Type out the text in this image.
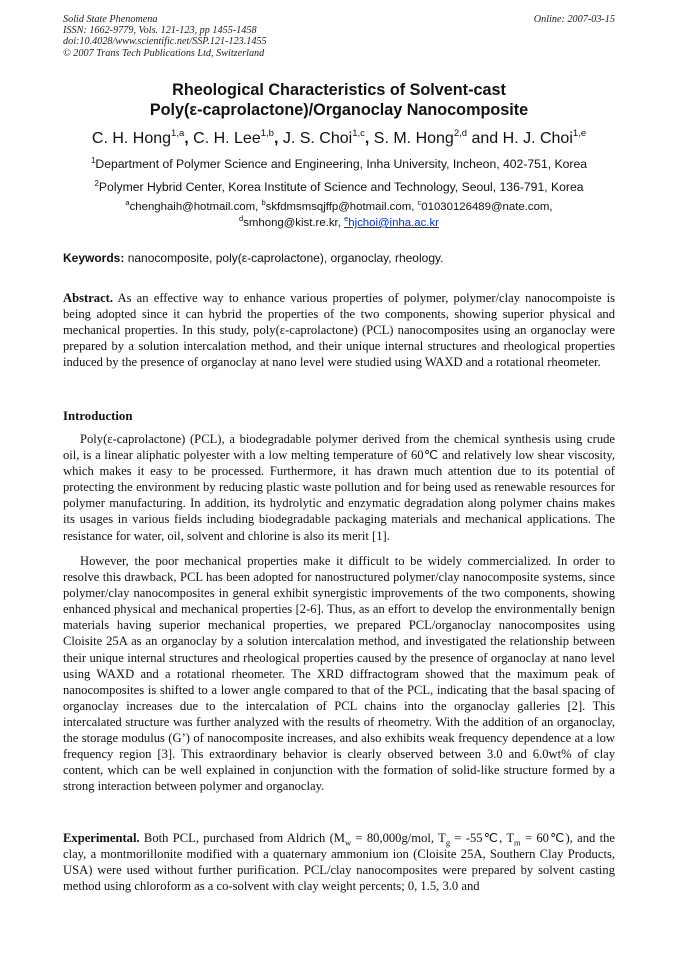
Solid State Phenomena
ISSN: 1662-9779, Vols. 121-123, pp 1455-1458
doi:10.4028/www.scientific.net/SSP.121-123.1455
© 2007 Trans Tech Publications Ltd, Switzerland
Online: 2007-03-15
Rheological Characteristics of Solvent-cast
Poly(ε-caprolactone)/Organoclay Nanocomposite
C. H. Hong$^{1,a}$, C. H. Lee$^{1,b}$, J. S. Choi$^{1,c}$, S. M. Hong$^{2,d}$ and H. J. Choi$^{1,e}$
$^1$Department of Polymer Science and Engineering, Inha University, Incheon, 402-751, Korea
$^2$Polymer Hybrid Center, Korea Institute of Science and Technology, Seoul, 136-791, Korea
$^a$chenghaih@hotmail.com, $^b$skfdmsmsqjffp@hotmail.com, $^c$01030126489@nate.com,
$^d$smhong@kist.re.kr, $^e$hjchoi@inha.ac.kr
Keywords: nanocomposite, poly(ε-caprolactone), organoclay, rheology.
Abstract. As an effective way to enhance various properties of polymer, polymer/clay nanocompoiste is being adopted since it can hybrid the properties of the two components, showing superior physical and mechanical properties. In this study, poly(ε-caprolactone) (PCL) nanocomposites using an organoclay were prepared by a solution intercalation method, and their unique internal structures and rheological properties induced by the presence of organoclay at nano level were studied using WAXD and a rotational rheometer.
Introduction
Poly(ε-caprolactone) (PCL), a biodegradable polymer derived from the chemical synthesis using crude oil, is a linear aliphatic polyester with a low melting temperature of 60℃ and relatively low shear viscosity, which makes it easy to be processed. Furthermore, it has drawn much attention due to its potential of protecting the environment by reducing plastic waste pollution and for being used as renewable resources for polymer manufacturing. In addition, its hydrolytic and enzymatic degradation along polymer chains makes its usages in various fields including biodegradable packaging materials and mechanical applications. The resistance for water, oil, solvent and chlorine is also its merit [1].
However, the poor mechanical properties make it difficult to be widely commercialized. In order to resolve this drawback, PCL has been adopted for nanostructured polymer/clay nanocomposite systems, since polymer/clay nanocomposites in general exhibit synergistic improvements of the two components, showing enhanced physical and mechanical properties [2-6]. Thus, as an effort to develop the environmentally benign materials having superior mechanical properties, we prepared PCL/organoclay nanocomposites using Cloisite 25A as an organoclay by a solution intercalation method, and investigated the relationship between their unique internal structures and rheological properties caused by the presence of organoclay at nano level using WAXD and a rotational rheometer. The XRD diffractogram showed that the maximum peak of nanocomposites is shifted to a lower angle compared to that of the PCL, indicating that the basal spacing of organoclay increases due to the intercalation of PCL chains into the organoclay galleries [2]. This intercalated structure was further analyzed with the results of rheometry. With the addition of an organoclay, the storage modulus (G’) of nanocomposite increases, and also exhibits weak frequency dependence at a low frequency region [3]. This extraordinary behavior is clearly observed between 3.0 and 6.0wt% of clay content, which can be well explained in conjunction with the formation of solid-like structure formed by a strong interaction between polymer and organoclay.
Experimental. Both PCL, purchased from Aldrich ($M_w = 80,000g/mol$, $T_g$ = -55℃, $T_m$ = 60℃), and the clay, a montmorillonite modified with a quaternary ammonium ion (Cloisite 25A, Southern Clay Products, USA) were used without further purification. PCL/clay nanocomposites were prepared by solvent casting method using chloroform as a co-solvent with clay weight percents; 0, 1.5, 3.0 and
